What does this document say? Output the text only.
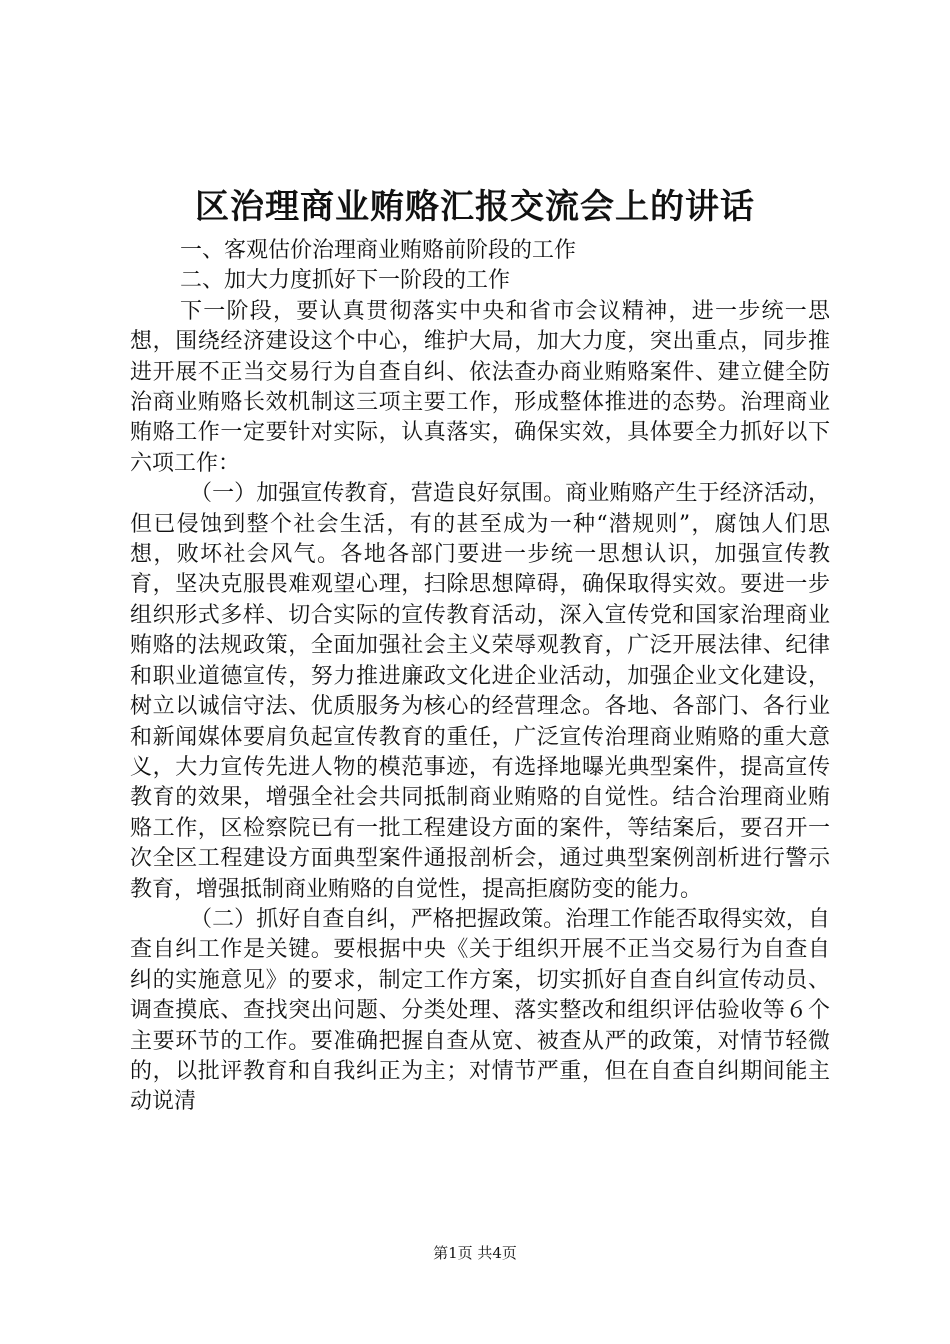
区治理商业贿赂汇报交流会上的讲话

一、客观估价治理商业贿赂前阶段的工作

二、加大力度抓好下一阶段的工作

下一阶段，要认真贯彻落实中央和省市会议精神，进一步统一思想，围绕经济建设这个中心，维护大局，加大力度，突出重点，同步推进开展不正当交易行为自查自纠、依法查办商业贿赂案件、建立健全防治商业贿赂长效机制这三项主要工作，形成整体推进的态势。治理商业贿赂工作一定要针对实际，认真落实，确保实效，具体要全力抓好以下六项工作：

（一）加强宣传教育，营造良好氛围。商业贿赂产生于经济活动，但已侵蚀到整个社会生活，有的甚至成为一种“潜规则”，腐蚀人们思想，败坏社会风气。各地各部门要进一步统一思想认识，加强宣传教育，坚决克服畏难观望心理，扫除思想障碍，确保取得实效。要进一步组织形式多样、切合实际的宣传教育活动，深入宣传党和国家治理商业贿赂的法规政策，全面加强社会主义荣辱观教育，广泛开展法律、纪律和职业道德宣传，努力推进廉政文化进企业活动，加强企业文化建设，树立以诚信守法、优质服务为核心的经营理念。各地、各部门、各行业和新闻媒体要肩负起宣传教育的重任，广泛宣传治理商业贿赂的重大意义，大力宣传先进人物的模范事迹，有选择地曝光典型案件，提高宣传教育的效果，增强全社会共同抵制商业贿赂的自觉性。结合治理商业贿赂工作，区检察院已有一批工程建设方面的案件，等结案后，要召开一次全区工程建设方面典型案件通报剖析会，通过典型案例剖析进行警示教育，增强抵制商业贿赂的自觉性，提高拒腐防变的能力。

（二）抓好自查自纠，严格把握政策。治理工作能否取得实效，自查自纠工作是关键。要根据中央《关于组织开展不正当交易行为自查自纠的实施意见》的要求，制定工作方案，切实抓好自查自纠宣传动员、调查摸底、查找突出问题、分类处理、落实整改和组织评估验收等６个主要环节的工作。要准确把握自查从宽、被查从严的政策，对情节轻微的，以批评教育和自我纠正为主；对情节严重，但在自查自纠期间能主动说清

第1页 共4页
